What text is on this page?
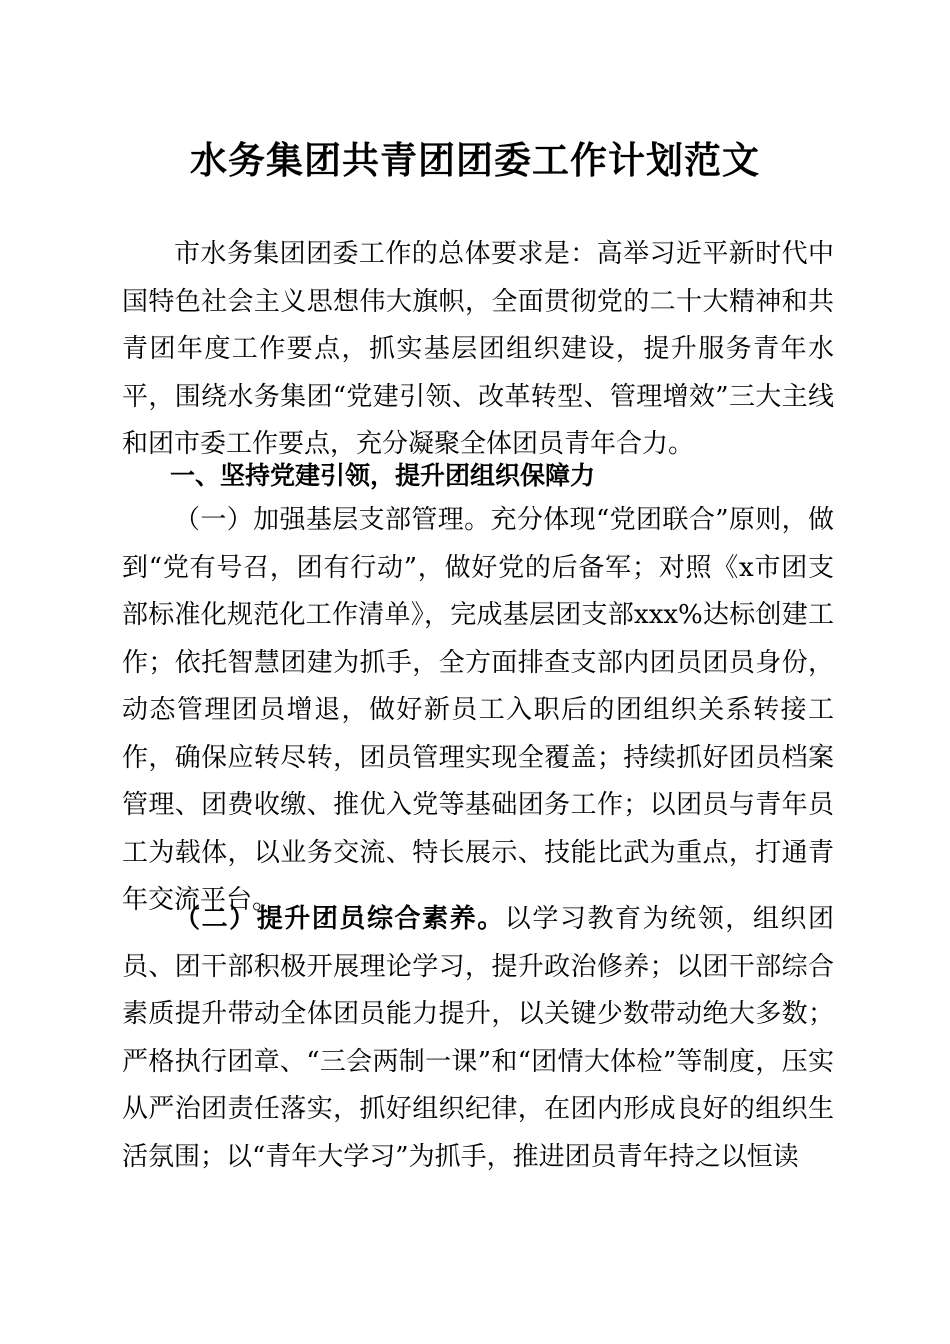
水务集团共青团团委工作计划范文

市水务集团团委工作的总体要求是：高举习近平新时代中国特色社会主义思想伟大旗帜，全面贯彻党的二十大精神和共青团年度工作要点，抓实基层团组织建设，提升服务青年水平，围绕水务集团“党建引领、改革转型、管理增效”三大主线和团市委工作要点，充分凝聚全体团员青年合力。

一、坚持党建引领，提升团组织保障力

（一）加强基层支部管理。充分体现“党团联合”原则，做到“党有号召，团有行动”，做好党的后备军；对照《x市团支部标准化规范化工作清单》，完成基层团支部xxx%达标创建工作；依托智慧团建为抓手，全方面排查支部内团员团员身份，动态管理团员增退，做好新员工入职后的团组织关系转接工作，确保应转尽转，团员管理实现全覆盖；持续抓好团员档案管理、团费收缴、推优入党等基础团务工作；以团员与青年员工为载体，以业务交流、特长展示、技能比武为重点，打通青年交流平台。

（二）提升团员综合素养。以学习教育为统领，组织团员、团干部积极开展理论学习，提升政治修养；以团干部综合素质提升带动全体团员能力提升，以关键少数带动绝大多数；严格执行团章、“三会两制一课”和“团情大体检”等制度，压实从严治团责任落实，抓好组织纪律，在团内形成良好的组织生活氛围；以“青年大学习”为抓手，推进团员青年持之以恒读
